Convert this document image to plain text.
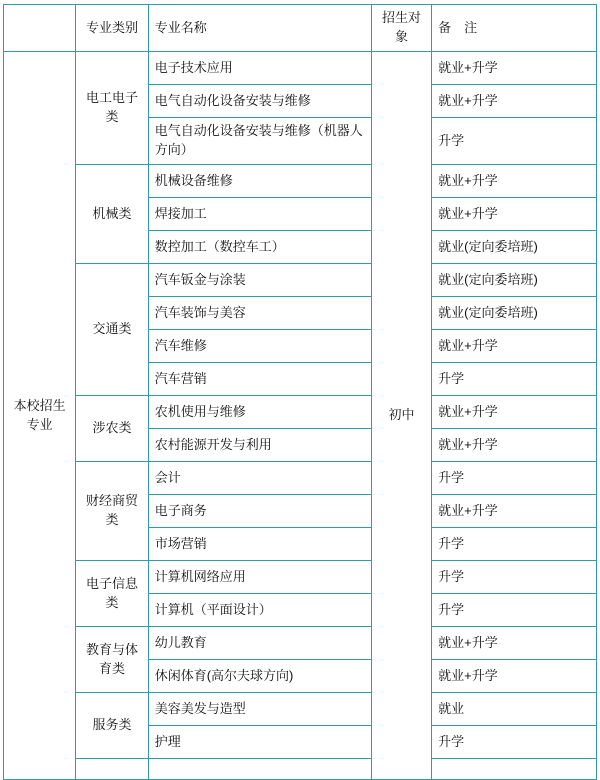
	专业类别	专业名称	招生对象	备　注
本校招生专业	电工电子类	电子技术应用	初中	就业+升学
		电气自动化设备安装与维修		就业+升学
		电气自动化设备安装与维修（机器人方向）		升学
	机械类	机械设备维修		就业+升学
		焊接加工		就业+升学
		数控加工（数控车工）		就业(定向委培班)
	交通类	汽车钣金与涂装		就业(定向委培班)
		汽车装饰与美容		就业(定向委培班)
		汽车维修		就业+升学
		汽车营销		升学
	涉农类	农机使用与维修		就业+升学
		农村能源开发与利用		就业+升学
	财经商贸类	会计		升学
		电子商务		就业+升学
		市场营销		升学
	电子信息类	计算机网络应用		升学
		计算机（平面设计）		升学
	教育与体育类	幼儿教育		就业+升学
		休闲体育(高尔夫球方向)		就业+升学
	服务类	美容美发与造型		就业
		护理		升学
